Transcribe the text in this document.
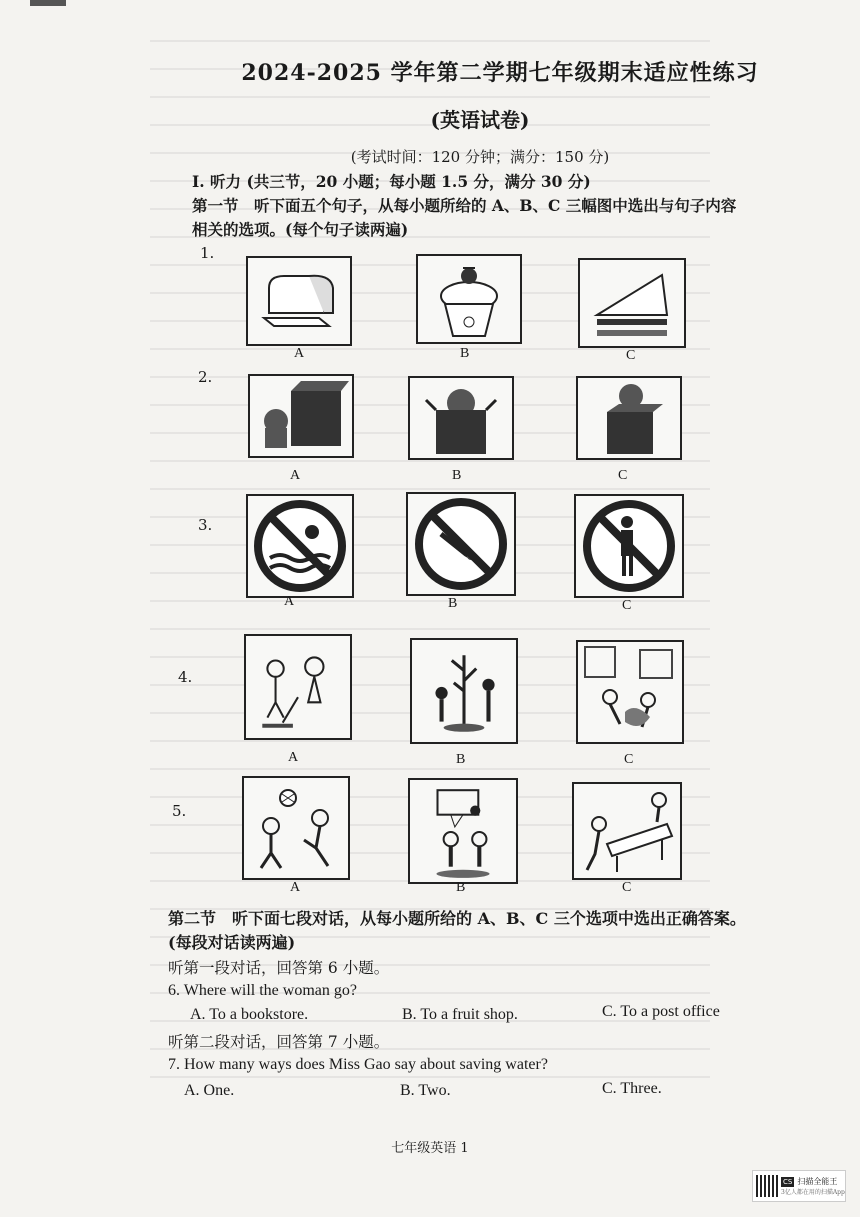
2024-2025 学年第二学期七年级期末适应性练习
(英语试卷)
(考试时间：120 分钟；满分：150 分)
I. 听力 (共三节，20 小题；每小题 1.5 分，满分 30 分)
第一节　听下面五个句子，从每小题所给的 A、B、C 三幅图中选出与句子内容
相关的选项。(每个句子读两遍)
1.
A	B	C
2.
A	B	C
3.
A	B	C
4.
A	B	C
5.
A	B	C
第二节　听下面七段对话，从每小题所给的 A、B、C 三个选项中选出正确答案。
(每段对话读两遍)
听第一段对话，回答第 6 小题。
6. Where will the woman go?
A. To a bookstore.	B. To a fruit shop.	C. To a post office
听第二段对话，回答第 7 小题。
7. How many ways does Miss Gao say about saving water?
A. One.	B. Two.	C. Three.
七年级英语 1
CS 扫描全能王
3亿人都在用的扫描App
